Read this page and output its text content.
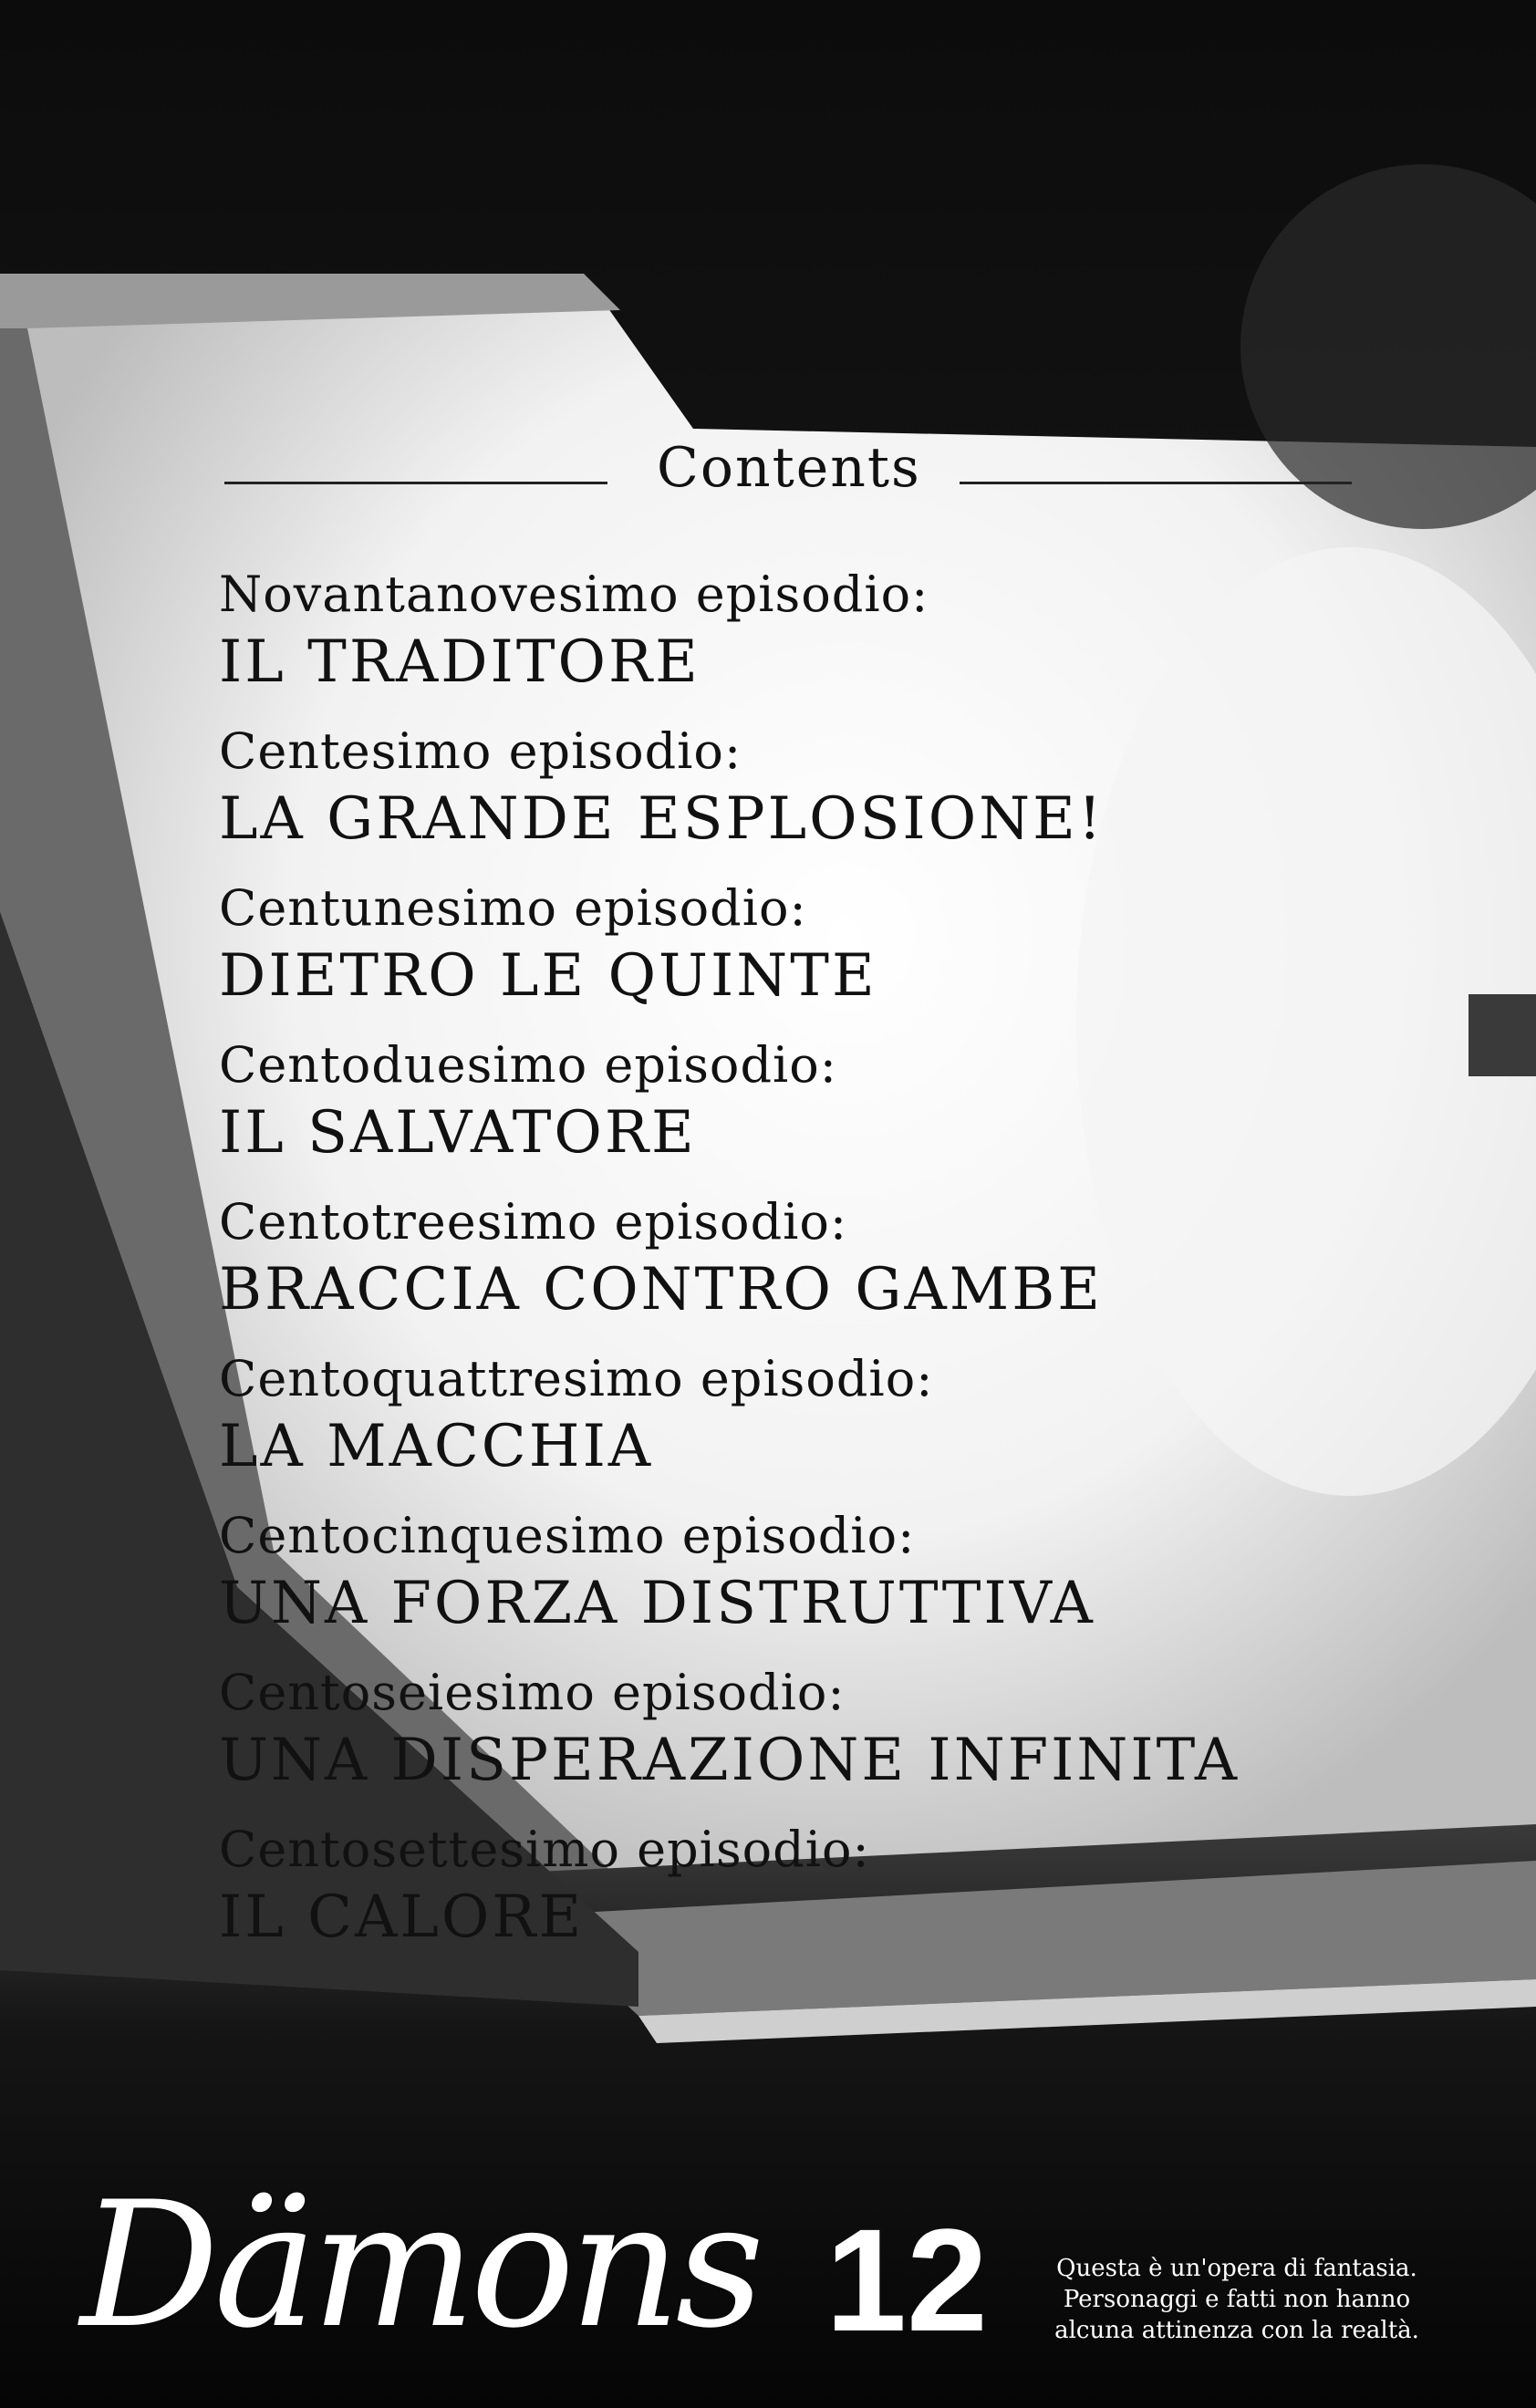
Contents
Novantanovesimo episodio:
IL TRADITORE
Centesimo episodio:
LA GRANDE ESPLOSIONE!
Centunesimo episodio:
DIETRO LE QUINTE
Centoduesimo episodio:
IL SALVATORE
Centotreesimo episodio:
BRACCIA CONTRO GAMBE
Centoquattresimo episodio:
LA MACCHIA
Centocinquesimo episodio:
UNA FORZA DISTRUTTIVA
Centoseiesimo episodio:
UNA DISPERAZIONE INFINITA
Centosettesimo episodio:
IL CALORE
Dämons 12	Questa è un'opera di fantasia.
Personaggi e fatti non hanno
alcuna attinenza con la realtà.
